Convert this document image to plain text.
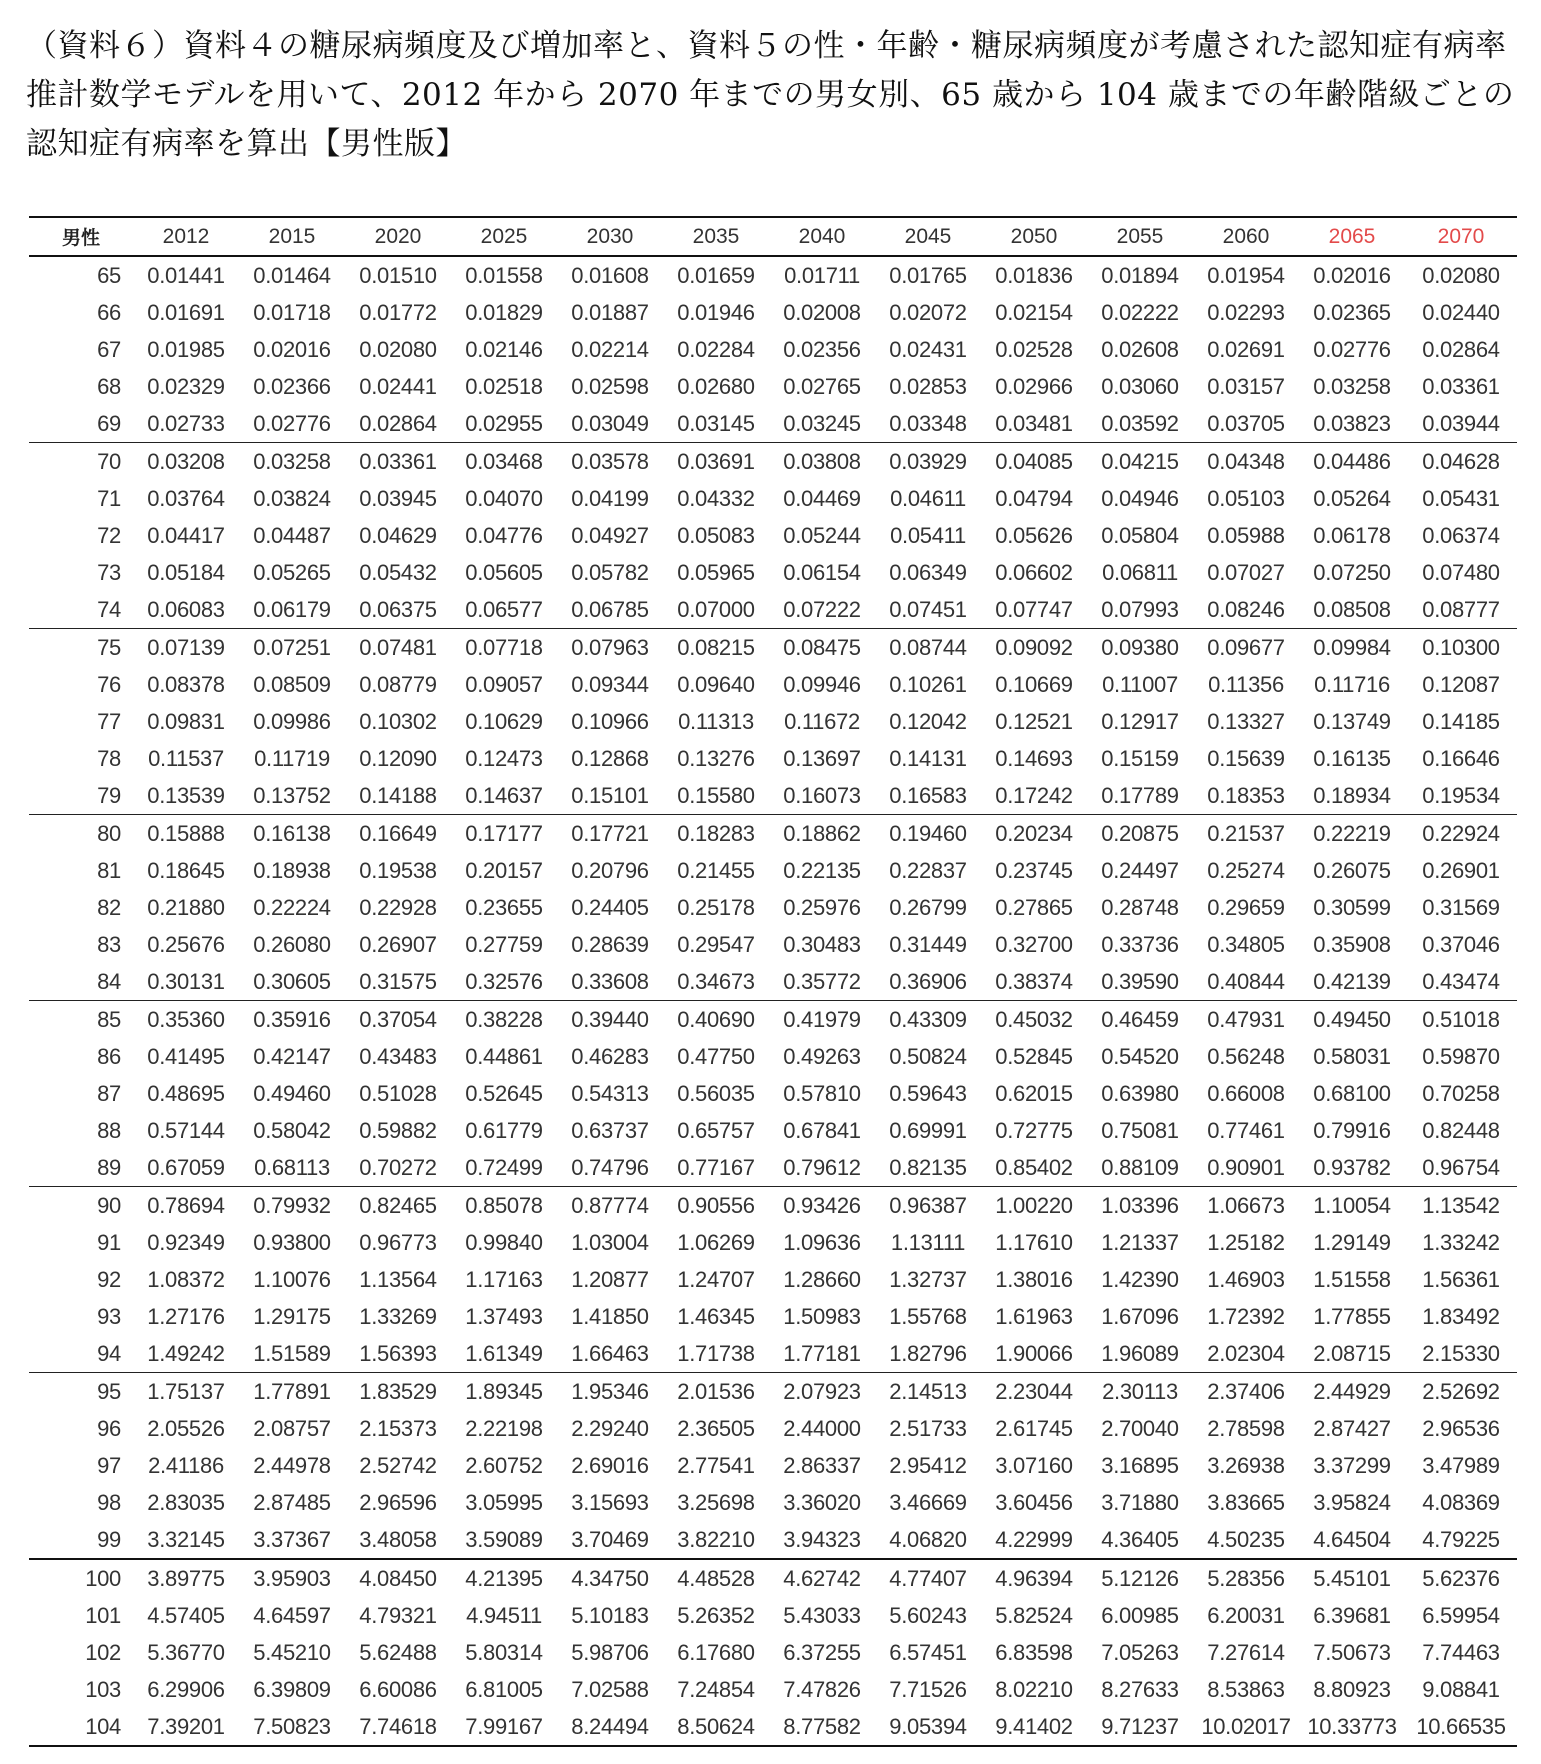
（資料６）資料４の糖尿病頻度及び増加率と、資料５の性・年齢・糖尿病頻度が考慮された認知症有病率推計数学モデルを用いて、2012 年から 2070 年までの男女別、65 歳から 104 歳までの年齢階級ごとの認知症有病率を算出【男性版】
男性	2012	2015	2020	2025	2030	2035	2040	2045	2050	2055	2060	2065	2070
65	0.01441	0.01464	0.01510	0.01558	0.01608	0.01659	0.01711	0.01765	0.01836	0.01894	0.01954	0.02016	0.02080
66	0.01691	0.01718	0.01772	0.01829	0.01887	0.01946	0.02008	0.02072	0.02154	0.02222	0.02293	0.02365	0.02440
67	0.01985	0.02016	0.02080	0.02146	0.02214	0.02284	0.02356	0.02431	0.02528	0.02608	0.02691	0.02776	0.02864
68	0.02329	0.02366	0.02441	0.02518	0.02598	0.02680	0.02765	0.02853	0.02966	0.03060	0.03157	0.03258	0.03361
69	0.02733	0.02776	0.02864	0.02955	0.03049	0.03145	0.03245	0.03348	0.03481	0.03592	0.03705	0.03823	0.03944
70	0.03208	0.03258	0.03361	0.03468	0.03578	0.03691	0.03808	0.03929	0.04085	0.04215	0.04348	0.04486	0.04628
71	0.03764	0.03824	0.03945	0.04070	0.04199	0.04332	0.04469	0.04611	0.04794	0.04946	0.05103	0.05264	0.05431
72	0.04417	0.04487	0.04629	0.04776	0.04927	0.05083	0.05244	0.05411	0.05626	0.05804	0.05988	0.06178	0.06374
73	0.05184	0.05265	0.05432	0.05605	0.05782	0.05965	0.06154	0.06349	0.06602	0.06811	0.07027	0.07250	0.07480
74	0.06083	0.06179	0.06375	0.06577	0.06785	0.07000	0.07222	0.07451	0.07747	0.07993	0.08246	0.08508	0.08777
75	0.07139	0.07251	0.07481	0.07718	0.07963	0.08215	0.08475	0.08744	0.09092	0.09380	0.09677	0.09984	0.10300
76	0.08378	0.08509	0.08779	0.09057	0.09344	0.09640	0.09946	0.10261	0.10669	0.11007	0.11356	0.11716	0.12087
77	0.09831	0.09986	0.10302	0.10629	0.10966	0.11313	0.11672	0.12042	0.12521	0.12917	0.13327	0.13749	0.14185
78	0.11537	0.11719	0.12090	0.12473	0.12868	0.13276	0.13697	0.14131	0.14693	0.15159	0.15639	0.16135	0.16646
79	0.13539	0.13752	0.14188	0.14637	0.15101	0.15580	0.16073	0.16583	0.17242	0.17789	0.18353	0.18934	0.19534
80	0.15888	0.16138	0.16649	0.17177	0.17721	0.18283	0.18862	0.19460	0.20234	0.20875	0.21537	0.22219	0.22924
81	0.18645	0.18938	0.19538	0.20157	0.20796	0.21455	0.22135	0.22837	0.23745	0.24497	0.25274	0.26075	0.26901
82	0.21880	0.22224	0.22928	0.23655	0.24405	0.25178	0.25976	0.26799	0.27865	0.28748	0.29659	0.30599	0.31569
83	0.25676	0.26080	0.26907	0.27759	0.28639	0.29547	0.30483	0.31449	0.32700	0.33736	0.34805	0.35908	0.37046
84	0.30131	0.30605	0.31575	0.32576	0.33608	0.34673	0.35772	0.36906	0.38374	0.39590	0.40844	0.42139	0.43474
85	0.35360	0.35916	0.37054	0.38228	0.39440	0.40690	0.41979	0.43309	0.45032	0.46459	0.47931	0.49450	0.51018
86	0.41495	0.42147	0.43483	0.44861	0.46283	0.47750	0.49263	0.50824	0.52845	0.54520	0.56248	0.58031	0.59870
87	0.48695	0.49460	0.51028	0.52645	0.54313	0.56035	0.57810	0.59643	0.62015	0.63980	0.66008	0.68100	0.70258
88	0.57144	0.58042	0.59882	0.61779	0.63737	0.65757	0.67841	0.69991	0.72775	0.75081	0.77461	0.79916	0.82448
89	0.67059	0.68113	0.70272	0.72499	0.74796	0.77167	0.79612	0.82135	0.85402	0.88109	0.90901	0.93782	0.96754
90	0.78694	0.79932	0.82465	0.85078	0.87774	0.90556	0.93426	0.96387	1.00220	1.03396	1.06673	1.10054	1.13542
91	0.92349	0.93800	0.96773	0.99840	1.03004	1.06269	1.09636	1.13111	1.17610	1.21337	1.25182	1.29149	1.33242
92	1.08372	1.10076	1.13564	1.17163	1.20877	1.24707	1.28660	1.32737	1.38016	1.42390	1.46903	1.51558	1.56361
93	1.27176	1.29175	1.33269	1.37493	1.41850	1.46345	1.50983	1.55768	1.61963	1.67096	1.72392	1.77855	1.83492
94	1.49242	1.51589	1.56393	1.61349	1.66463	1.71738	1.77181	1.82796	1.90066	1.96089	2.02304	2.08715	2.15330
95	1.75137	1.77891	1.83529	1.89345	1.95346	2.01536	2.07923	2.14513	2.23044	2.30113	2.37406	2.44929	2.52692
96	2.05526	2.08757	2.15373	2.22198	2.29240	2.36505	2.44000	2.51733	2.61745	2.70040	2.78598	2.87427	2.96536
97	2.41186	2.44978	2.52742	2.60752	2.69016	2.77541	2.86337	2.95412	3.07160	3.16895	3.26938	3.37299	3.47989
98	2.83035	2.87485	2.96596	3.05995	3.15693	3.25698	3.36020	3.46669	3.60456	3.71880	3.83665	3.95824	4.08369
99	3.32145	3.37367	3.48058	3.59089	3.70469	3.82210	3.94323	4.06820	4.22999	4.36405	4.50235	4.64504	4.79225
100	3.89775	3.95903	4.08450	4.21395	4.34750	4.48528	4.62742	4.77407	4.96394	5.12126	5.28356	5.45101	5.62376
101	4.57405	4.64597	4.79321	4.94511	5.10183	5.26352	5.43033	5.60243	5.82524	6.00985	6.20031	6.39681	6.59954
102	5.36770	5.45210	5.62488	5.80314	5.98706	6.17680	6.37255	6.57451	6.83598	7.05263	7.27614	7.50673	7.74463
103	6.29906	6.39809	6.60086	6.81005	7.02588	7.24854	7.47826	7.71526	8.02210	8.27633	8.53863	8.80923	9.08841
104	7.39201	7.50823	7.74618	7.99167	8.24494	8.50624	8.77582	9.05394	9.41402	9.71237	10.02017	10.33773	10.66535
